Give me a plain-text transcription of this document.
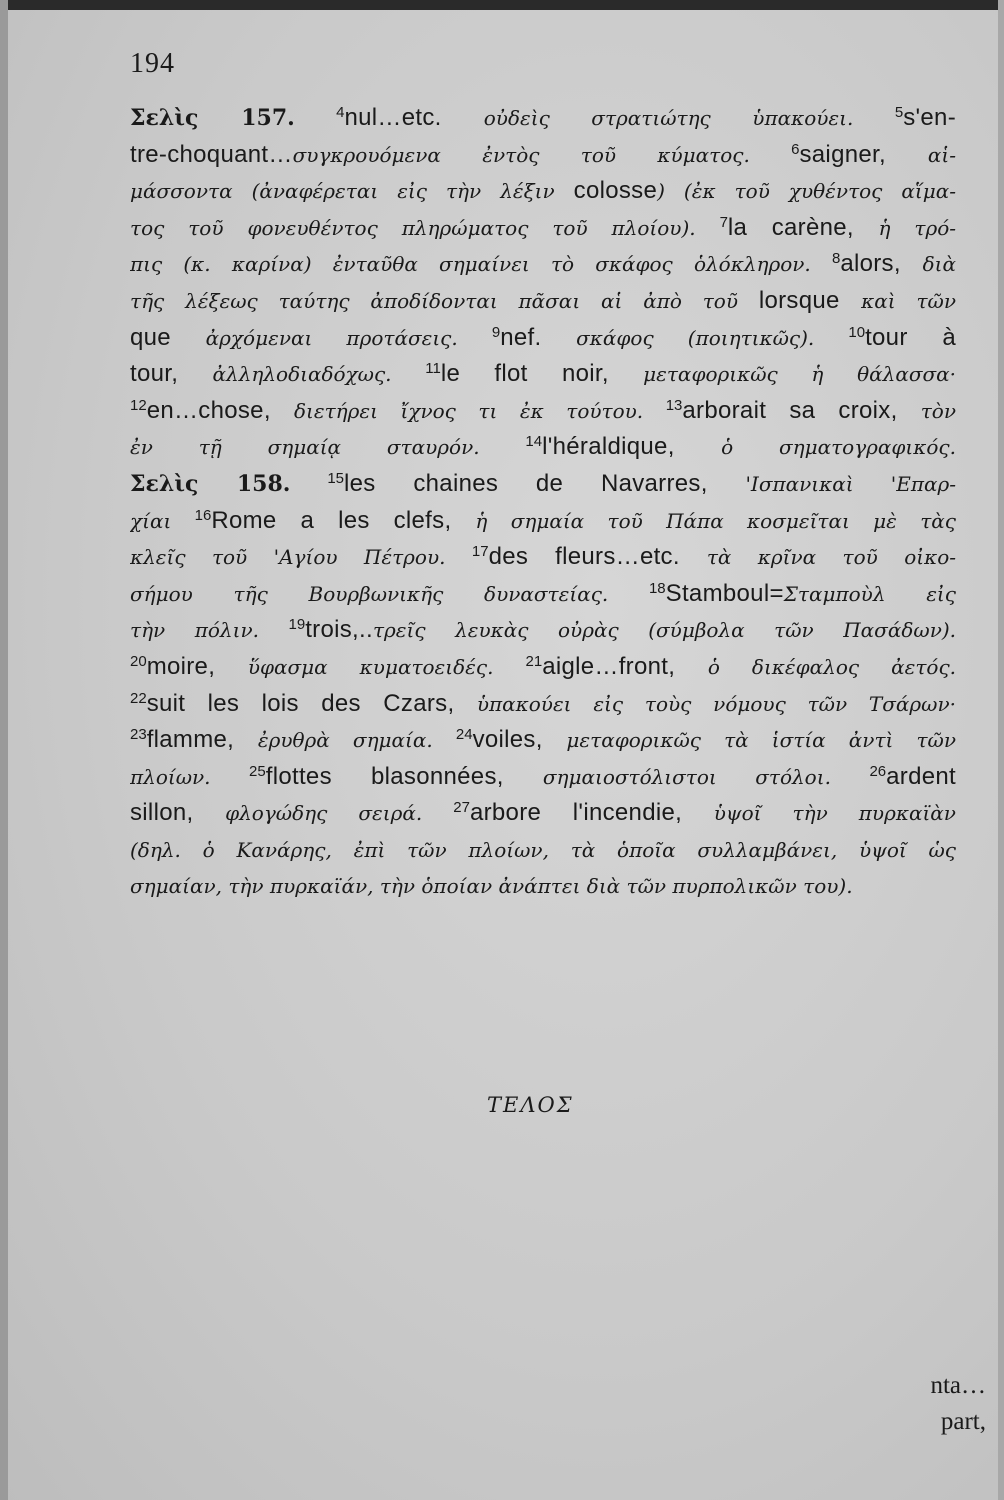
194
Σελὶς 157.	$^4$nul…etc. οὐδεὶς στρατιώτης ὑπακούει. $^5$s'en-
tre-choquant…συγκρουόμενα ἐντὸς τοῦ κύματος. $^6$saigner, αἱ-
μάσσοντα (ἀναφέρεται εἰς τὴν λέξιν colosse) (ἐκ τοῦ χυθέντος αἵμα-
τος τοῦ φονευθέντος πληρώματος τοῦ πλοίου). $^7$la carène, ἡ τρό-
πις (κ. καρίνα) ἐνταῦθα σημαίνει τὸ σκάφος ὁλόκληρον. $^8$alors, διὰ
τῆς λέξεως ταύτης ἀποδίδονται πᾶσαι αἱ ἀπὸ τοῦ lorsque καὶ τῶν
que ἀρχόμεναι προτάσεις. $^9$nef. σκάφος (ποιητικῶς). $^{10}$tour à
tour, ἀλληλοδιαδόχως. $^{11}$le flot noir, μεταφορικῶς ἡ θάλασσα·
$^{12}$en…chose, διετήρει ἴχνος τι ἐκ τούτου. $^{13}$arborait sa croix, τὸν
ἐν τῇ σημαίᾳ σταυρόν. $^{14}$l'héraldique, ὁ σηματογραφικός.
Σελὶς 158. $^{15}$les chaines de Navarres, 'Ισπανικαὶ 'Επαρ-
χίαι $^{16}$Rome a les clefs, ἡ σημαία τοῦ Πάπα κοσμεῖται μὲ τὰς
κλεῖς τοῦ 'Αγίου Πέτρου. $^{17}$des fleurs…etc. τὰ κρῖνα τοῦ οἰκο-
σήμου τῆς Βουρβωνικῆς δυναστείας. $^{18}$Stamboul=Σταμποὺλ εἰς
τὴν πόλιν. $^{19}$trois,..τρεῖς λευκὰς οὐρὰς (σύμβολα τῶν Πασάδων).
$^{20}$moire, ὕφασμα κυματοειδές. $^{21}$aigle…front, ὁ δικέφαλος ἀετός.
$^{22}$suit les lois des Czars, ὑπακούει εἰς τοὺς νόμους τῶν Τσάρων·
$^{23}$flamme, ἐρυθρὰ σημαία. $^{24}$voiles, μεταφορικῶς τὰ ἱστία ἀντὶ τῶν
πλοίων. $^{25}$flottes blasonnées, σημαιοστόλιστοι στόλοι. $^{26}$ardent
sillon, φλογώδης σειρά. $^{27}$arbore l'incendie, ὑψοῖ τὴν πυρκαϊὰν
(δηλ. ὁ Κανάρης, ἐπὶ τῶν πλοίων, τὰ ὁποῖα συλλαμβάνει, ὑψοῖ ὡς
σημαίαν, τὴν πυρκαϊάν, τὴν ὁποίαν ἀνάπτει διὰ τῶν πυρπολικῶν του).
ΤΕΛΟΣ
nta…
part,
